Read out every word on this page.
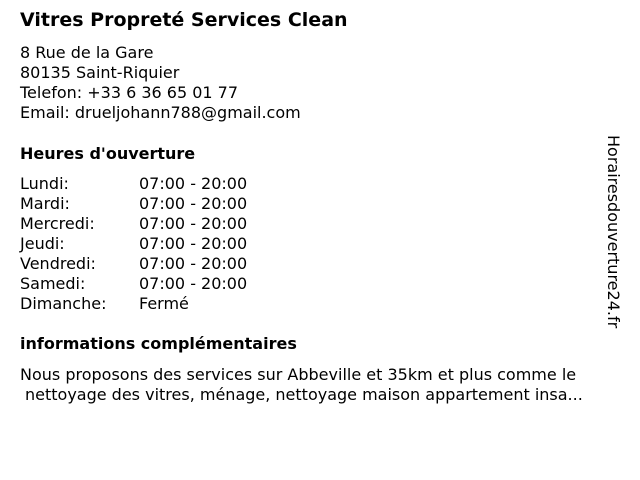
Vitres Propreté Services Clean
8 Rue de la Gare
80135 Saint-Riquier
Telefon: +33 6 36 65 01 77
Email: drueljohann788@gmail.com
Heures d'ouverture
Lundi:	07:00 - 20:00
Mardi:	07:00 - 20:00
Mercredi:	07:00 - 20:00
Jeudi:	07:00 - 20:00
Vendredi:	07:00 - 20:00
Samedi:	07:00 - 20:00
Dimanche: Fermé
informations complémentaires
Nous proposons des services sur Abbeville et 35km et plus comme le
nettoyage des vitres, ménage, nettoyage maison appartement insa...
Horairesdouverture24.fr
